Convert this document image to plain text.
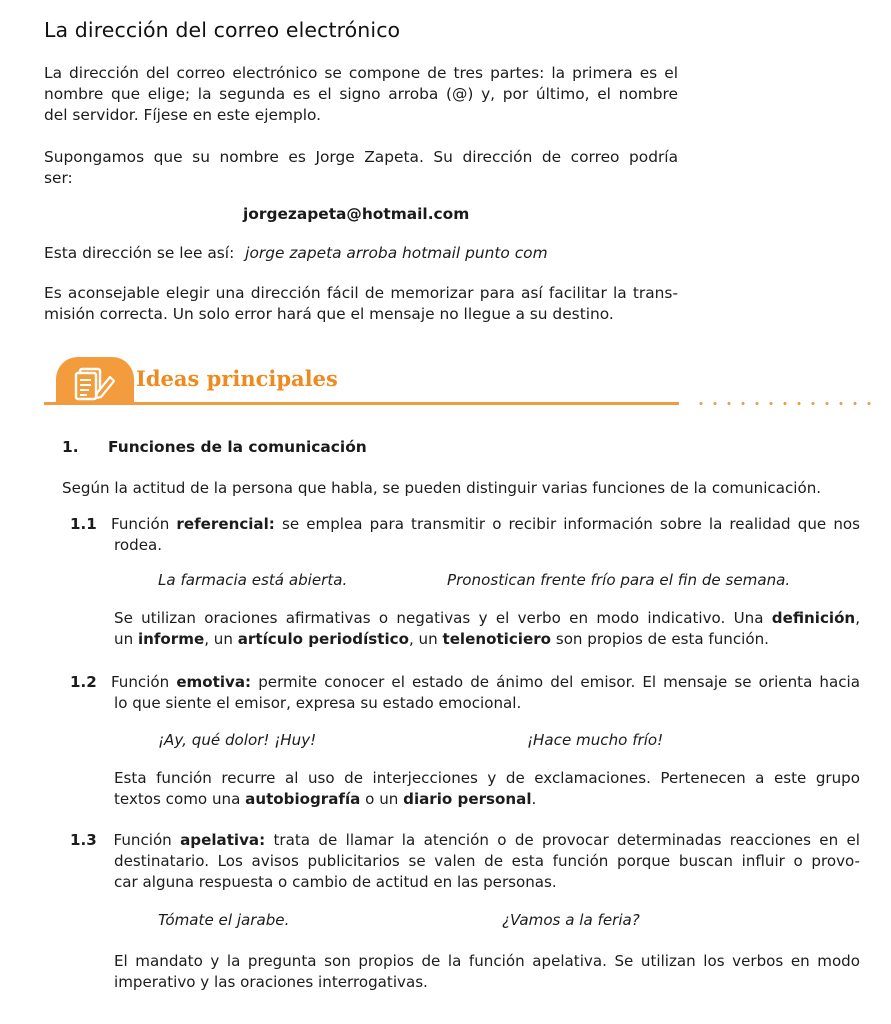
La dirección del correo electrónico
La dirección del correo electrónico se compone de tres partes: la primera es el
nombre que elige; la segunda es el signo arroba (@) y, por último, el nombre
del servidor. Fíjese en este ejemplo.
Supongamos que su nombre es Jorge Zapeta. Su dirección de correo podría
ser:
jorgezapeta@hotmail.com
Esta dirección se lee así: jorge zapeta arroba hotmail punto com
Es aconsejable elegir una dirección fácil de memorizar para así facilitar la trans-
misión correcta. Un solo error hará que el mensaje no llegue a su destino.
Ideas principales
1. Funciones de la comunicación
Según la actitud de la persona que habla, se pueden distinguir varias funciones de la comunicación.
1.1 Función referencial: se emplea para transmitir o recibir información sobre la realidad que nos
rodea.
La farmacia está abierta.	Pronostican frente frío para el fin de semana.
Se utilizan oraciones afirmativas o negativas y el verbo en modo indicativo. Una definición,
un informe, un artículo periodístico, un telenoticiero son propios de esta función.
1.2 Función emotiva: permite conocer el estado de ánimo del emisor. El mensaje se orienta hacia
lo que siente el emisor, expresa su estado emocional.
¡Ay, qué dolor! ¡Huy!	¡Hace mucho frío!
Esta función recurre al uso de interjecciones y de exclamaciones. Pertenecen a este grupo
textos como una autobiografía o un diario personal.
1.3 Función apelativa: trata de llamar la atención o de provocar determinadas reacciones en el
destinatario. Los avisos publicitarios se valen de esta función porque buscan influir o provo-
car alguna respuesta o cambio de actitud en las personas.
Tómate el jarabe.	¿Vamos a la feria?
El mandato y la pregunta son propios de la función apelativa. Se utilizan los verbos en modo
imperativo y las oraciones interrogativas.
